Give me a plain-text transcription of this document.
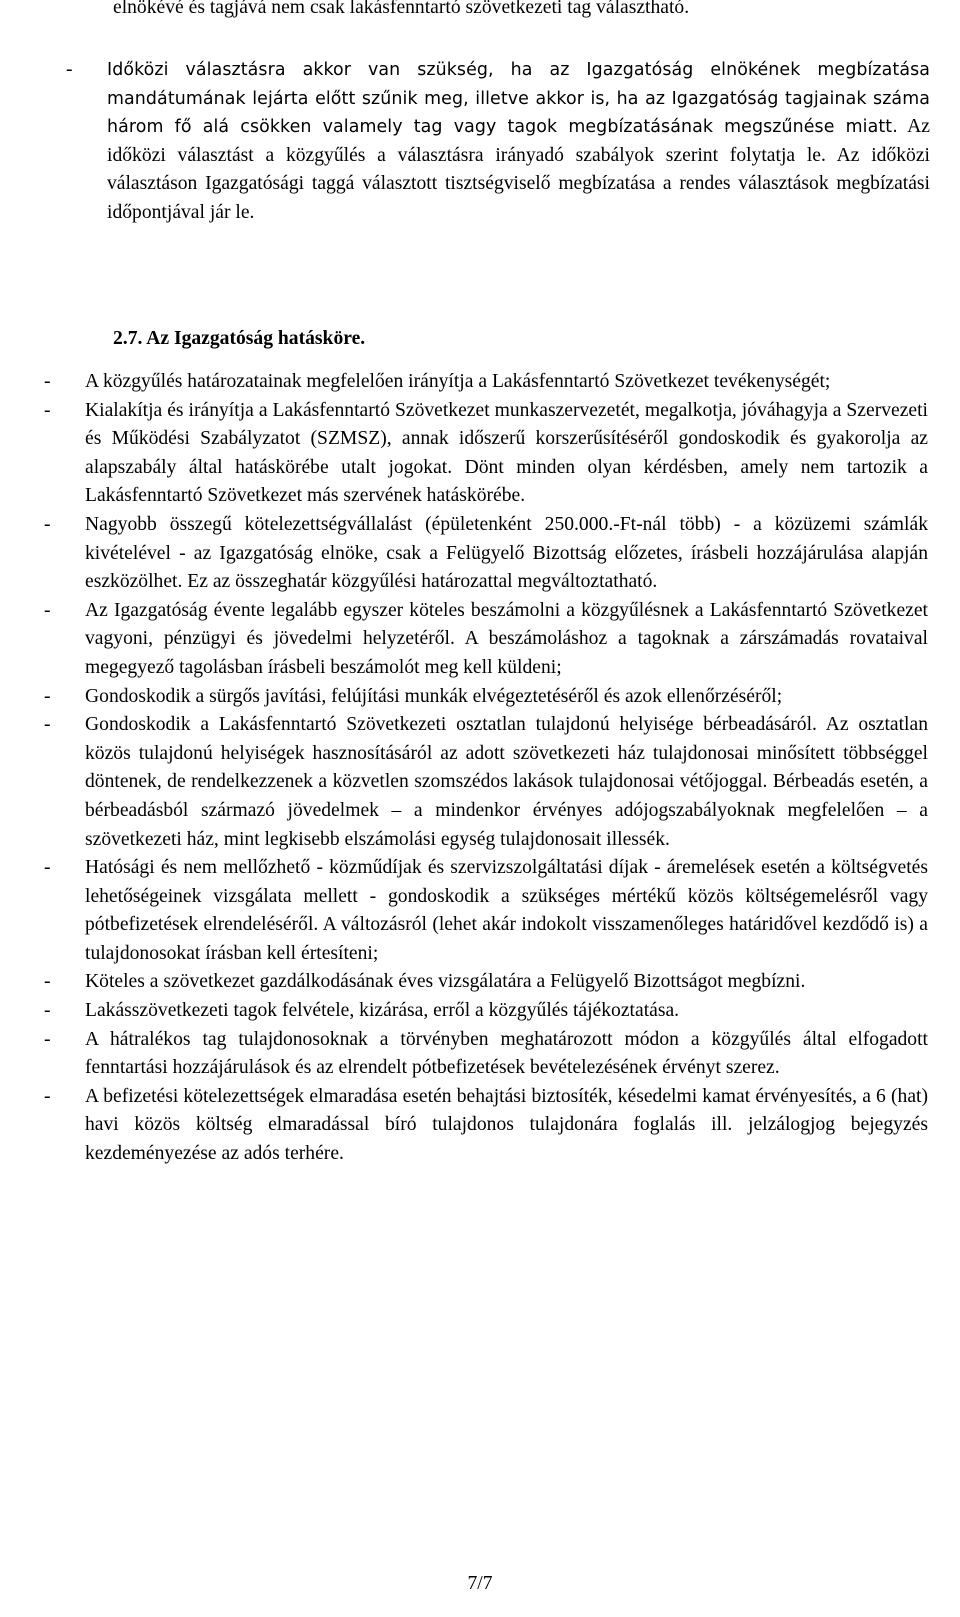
elnökévé és tagjává nem csak lakásfenntartó szövetkezeti tag választható.
-	Időközi választásra akkor van szükség, ha az Igazgatóság elnökének megbízatása mandátumának lejárta előtt szűnik meg, illetve akkor is, ha az Igazgatóság tagjainak száma három fő alá csökken valamely tag vagy tagok megbízatásának megszűnése miatt. Az időközi választást a közgyűlés a választásra irányadó szabályok szerint folytatja le. Az időközi választáson Igazgatósági taggá választott tisztségviselő megbízatása a rendes választások megbízatási időpontjával jár le.
2.7. Az Igazgatóság hatásköre.
-	A közgyűlés határozatainak megfelelően irányítja a Lakásfenntartó Szövetkezet tevékenységét;
-	Kialakítja és irányítja a Lakásfenntartó Szövetkezet munkaszervezetét, megalkotja, jóváhagyja a Szervezeti és Működési Szabályzatot (SZMSZ), annak időszerű korszerűsítéséről gondoskodik és gyakorolja az alapszabály által hatáskörébe utalt jogokat. Dönt minden olyan kérdésben, amely nem tartozik a Lakásfenntartó Szövetkezet más szervének hatáskörébe.
-	Nagyobb összegű kötelezettségvállalást (épületenként 250.000.-Ft-nál több) - a közüzemi számlák kivételével - az Igazgatóság elnöke, csak a Felügyelő Bizottság előzetes, írásbeli hozzájárulása alapján eszközölhet. Ez az összeghatár közgyűlési határozattal megváltoztatható.
-	Az Igazgatóság évente legalább egyszer köteles beszámolni a közgyűlésnek a Lakásfenntartó Szövetkezet vagyoni, pénzügyi és jövedelmi helyzetéről. A beszámoláshoz a tagoknak a zárszámadás rovataival megegyező tagolásban írásbeli beszámolót meg kell küldeni;
-	Gondoskodik a sürgős javítási, felújítási munkák elvégeztetéséről és azok ellenőrzéséről;
-	Gondoskodik a Lakásfenntartó Szövetkezeti osztatlan tulajdonú helyisége bérbeadásáról. Az osztatlan közös tulajdonú helyiségek hasznosításáról az adott szövetkezeti ház tulajdonosai minősített többséggel döntenek, de rendelkezzenek a közvetlen szomszédos lakások tulajdonosai vétőjoggal. Bérbeadás esetén, a bérbeadásból származó jövedelmek – a mindenkor érvényes adójogszabályoknak megfelelően – a szövetkezeti ház, mint legkisebb elszámolási egység tulajdonosait illessék.
-	Hatósági és nem mellőzhető - közműdíjak és szervizszolgáltatási díjak - áremelések esetén a költségvetés lehetőségeinek vizsgálata mellett - gondoskodik a szükséges mértékű közös költségemelésről vagy pótbefizetések elrendeléséről. A változásról (lehet akár indokolt visszamenőleges határidővel kezdődő is) a tulajdonosokat írásban kell értesíteni;
-	Köteles a szövetkezet gazdálkodásának éves vizsgálatára a Felügyelő Bizottságot megbízni.
-	Lakásszövetkezeti tagok felvétele, kizárása, erről a közgyűlés tájékoztatása.
-	A hátralékos tag tulajdonosoknak a törvényben meghatározott módon a közgyűlés által elfogadott fenntartási hozzájárulások és az elrendelt pótbefizetések bevételezésének érvényt szerez.
-	A befizetési kötelezettségek elmaradása esetén behajtási biztosíték, késedelmi kamat érvényesítés, a 6 (hat) havi közös költség elmaradással bíró tulajdonos tulajdonára foglalás ill. jelzálogjog bejegyzés kezdeményezése az adós terhére.
7/7
